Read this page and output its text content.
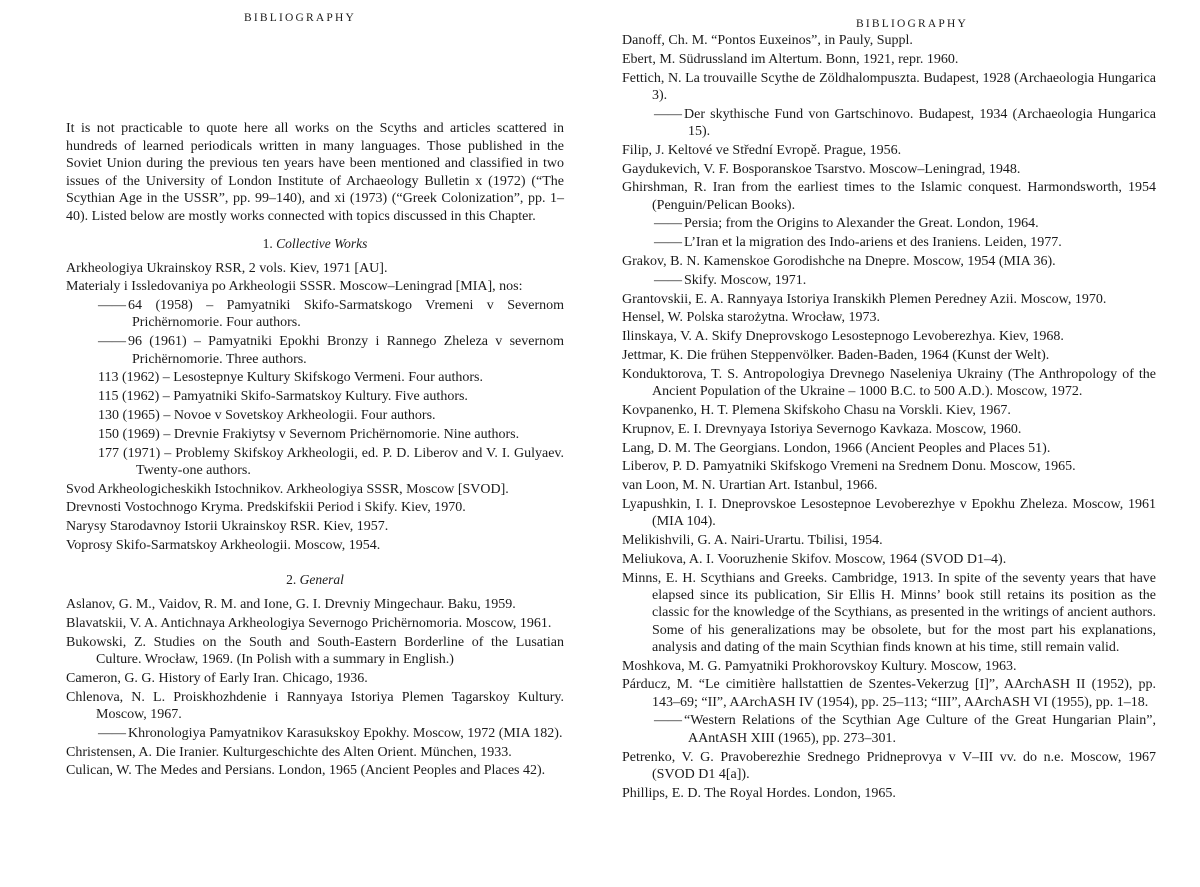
BIBLIOGRAPHY

It is not practicable to quote here all works on the Scyths and articles scattered in hundreds of learned periodicals written in many languages. Those published in the Soviet Union during the previous ten years have been mentioned and classified in two issues of the University of London Institute of Archaeology Bulletin x (1972) (“The Scythian Age in the USSR”, pp. 99–140), and xi (1973) (“Greek Colonization”, pp. 1–40). Listed below are mostly works connected with topics discussed in this Chapter.

1. Collective Works
Arkheologiya Ukrainskoy RSR, 2 vols. Kiev, 1971 [AU].
Materialy i Issledovaniya po Arkheologii SSSR. Moscow–Leningrad [MIA], nos:
—— 64 (1958) – Pamyatniki Skifo-Sarmatskogo Vremeni v Severnom Prichërnomorie. Four authors.
—— 96 (1961) – Pamyatniki Epokhi Bronzy i Rannego Zheleza v severnom Prichërnomorie. Three authors.
113 (1962) – Lesostepnye Kultury Skifskogo Vermeni. Four authors.
115 (1962) – Pamyatniki Skifo-Sarmatskoy Kultury. Five authors.
130 (1965) – Novoe v Sovetskoy Arkheologii. Four authors.
150 (1969) – Drevnie Frakiytsy v Severnom Prichërnomorie. Nine authors.
177 (1971) – Problemy Skifskoy Arkheologii, ed. P. D. Liberov and V. I. Gulyaev. Twenty-one authors.
Svod Arkheologicheskikh Istochnikov. Arkheologiya SSSR, Moscow [SVOD].
Drevnosti Vostochnogo Kryma. Predskifskii Period i Skify. Kiev, 1970.
Narysy Starodavnoy Istorii Ukrainskoy RSR. Kiev, 1957.
Voprosy Skifo-Sarmatskoy Arkheologii. Moscow, 1954.
2. General
Aslanov, G. M., Vaidov, R. M. and Ione, G. I. Drevniy Mingechaur. Baku, 1959.
Blavatskii, V. A. Antichnaya Arkheologiya Severnogo Prichërnomoria. Moscow, 1961.
Bukowski, Z. Studies on the South and South-Eastern Borderline of the Lusatian Culture. Wrocław, 1969. (In Polish with a summary in English.)
Cameron, G. G. History of Early Iran. Chicago, 1936.
Chlenova, N. L. Proiskhozhdenie i Rannyaya Istoriya Plemen Tagarskoy Kultury. Moscow, 1967.
—— Khronologiya Pamyatnikov Karasukskoy Epokhy. Moscow, 1972 (MIA 182).
Christensen, A. Die Iranier. Kulturgeschichte des Alten Orient. München, 1933.
Culican, W. The Medes and Persians. London, 1965 (Ancient Peoples and Places 42).
BIBLIOGRAPHY
Danoff, Ch. M. “Pontos Euxeinos”, in Pauly, Suppl.
Ebert, M. Südrussland im Altertum. Bonn, 1921, repr. 1960.
Fettich, N. La trouvaille Scythe de Zöldhalompuszta. Budapest, 1928 (Archaeologia Hungarica 3).
—— Der skythische Fund von Gartschinovo. Budapest, 1934 (Archaeologia Hungarica 15).
Filip, J. Keltové ve Střední Evropě. Prague, 1956.
Gaydukevich, V. F. Bosporanskoe Tsarstvo. Moscow–Leningrad, 1948.
Ghirshman, R. Iran from the earliest times to the Islamic conquest. Harmondsworth, 1954 (Penguin/Pelican Books).
—— Persia; from the Origins to Alexander the Great. London, 1964.
—— L’Iran et la migration des Indo-ariens et des Iraniens. Leiden, 1977.
Grakov, B. N. Kamenskoe Gorodishche na Dnepre. Moscow, 1954 (MIA 36).
—— Skify. Moscow, 1971.
Grantovskii, E. A. Rannyaya Istoriya Iranskikh Plemen Peredney Azii. Moscow, 1970.
Hensel, W. Polska starożytna. Wrocław, 1973.
Ilinskaya, V. A. Skify Dneprovskogo Lesostepnogo Levoberezhya. Kiev, 1968.
Jettmar, K. Die frühen Steppenvölker. Baden-Baden, 1964 (Kunst der Welt).
Konduktorova, T. S. Antropologiya Drevnego Naseleniya Ukrainy (The Anthropology of the Ancient Population of the Ukraine – 1000 B.C. to 500 A.D.). Moscow, 1972.
Kovpanenko, H. T. Plemena Skifskoho Chasu na Vorskli. Kiev, 1967.
Krupnov, E. I. Drevnyaya Istoriya Severnogo Kavkaza. Moscow, 1960.
Lang, D. M. The Georgians. London, 1966 (Ancient Peoples and Places 51).
Liberov, P. D. Pamyatniki Skifskogo Vremeni na Srednem Donu. Moscow, 1965.
van Loon, M. N. Urartian Art. Istanbul, 1966.
Lyapushkin, I. I. Dneprovskoe Lesostepnoe Levoberezhye v Epokhu Zheleza. Moscow, 1961 (MIA 104).
Melikishvili, G. A. Nairi-Urartu. Tbilisi, 1954.
Meliukova, A. I. Vooruzhenie Skifov. Moscow, 1964 (SVOD D1–4).
Minns, E. H. Scythians and Greeks. Cambridge, 1913. In spite of the seventy years that have elapsed since its publication, Sir Ellis H. Minns’ book still retains its position as the classic for the knowledge of the Scythians, as presented in the writings of ancient authors. Some of his generalizations may be obsolete, but for the most part his explanations, analysis and dating of the main Scythian finds known at his time, still remain valid.
Moshkova, M. G. Pamyatniki Prokhorovskoy Kultury. Moscow, 1963.
Párducz, M. “Le cimitière hallstattien de Szentes-Vekerzug [I]”, AArchASH II (1952), pp. 143–69; “II”, AArchASH IV (1954), pp. 25–113; “III”, AArchASH VI (1955), pp. 1–18.
—— “Western Relations of the Scythian Age Culture of the Great Hungarian Plain”, AAntASH XIII (1965), pp. 273–301.
Petrenko, V. G. Pravoberezhie Srednego Pridneprovya v V–III vv. do n.e. Moscow, 1967 (SVOD D1 4[a]).
Phillips, E. D. The Royal Hordes. London, 1965.
